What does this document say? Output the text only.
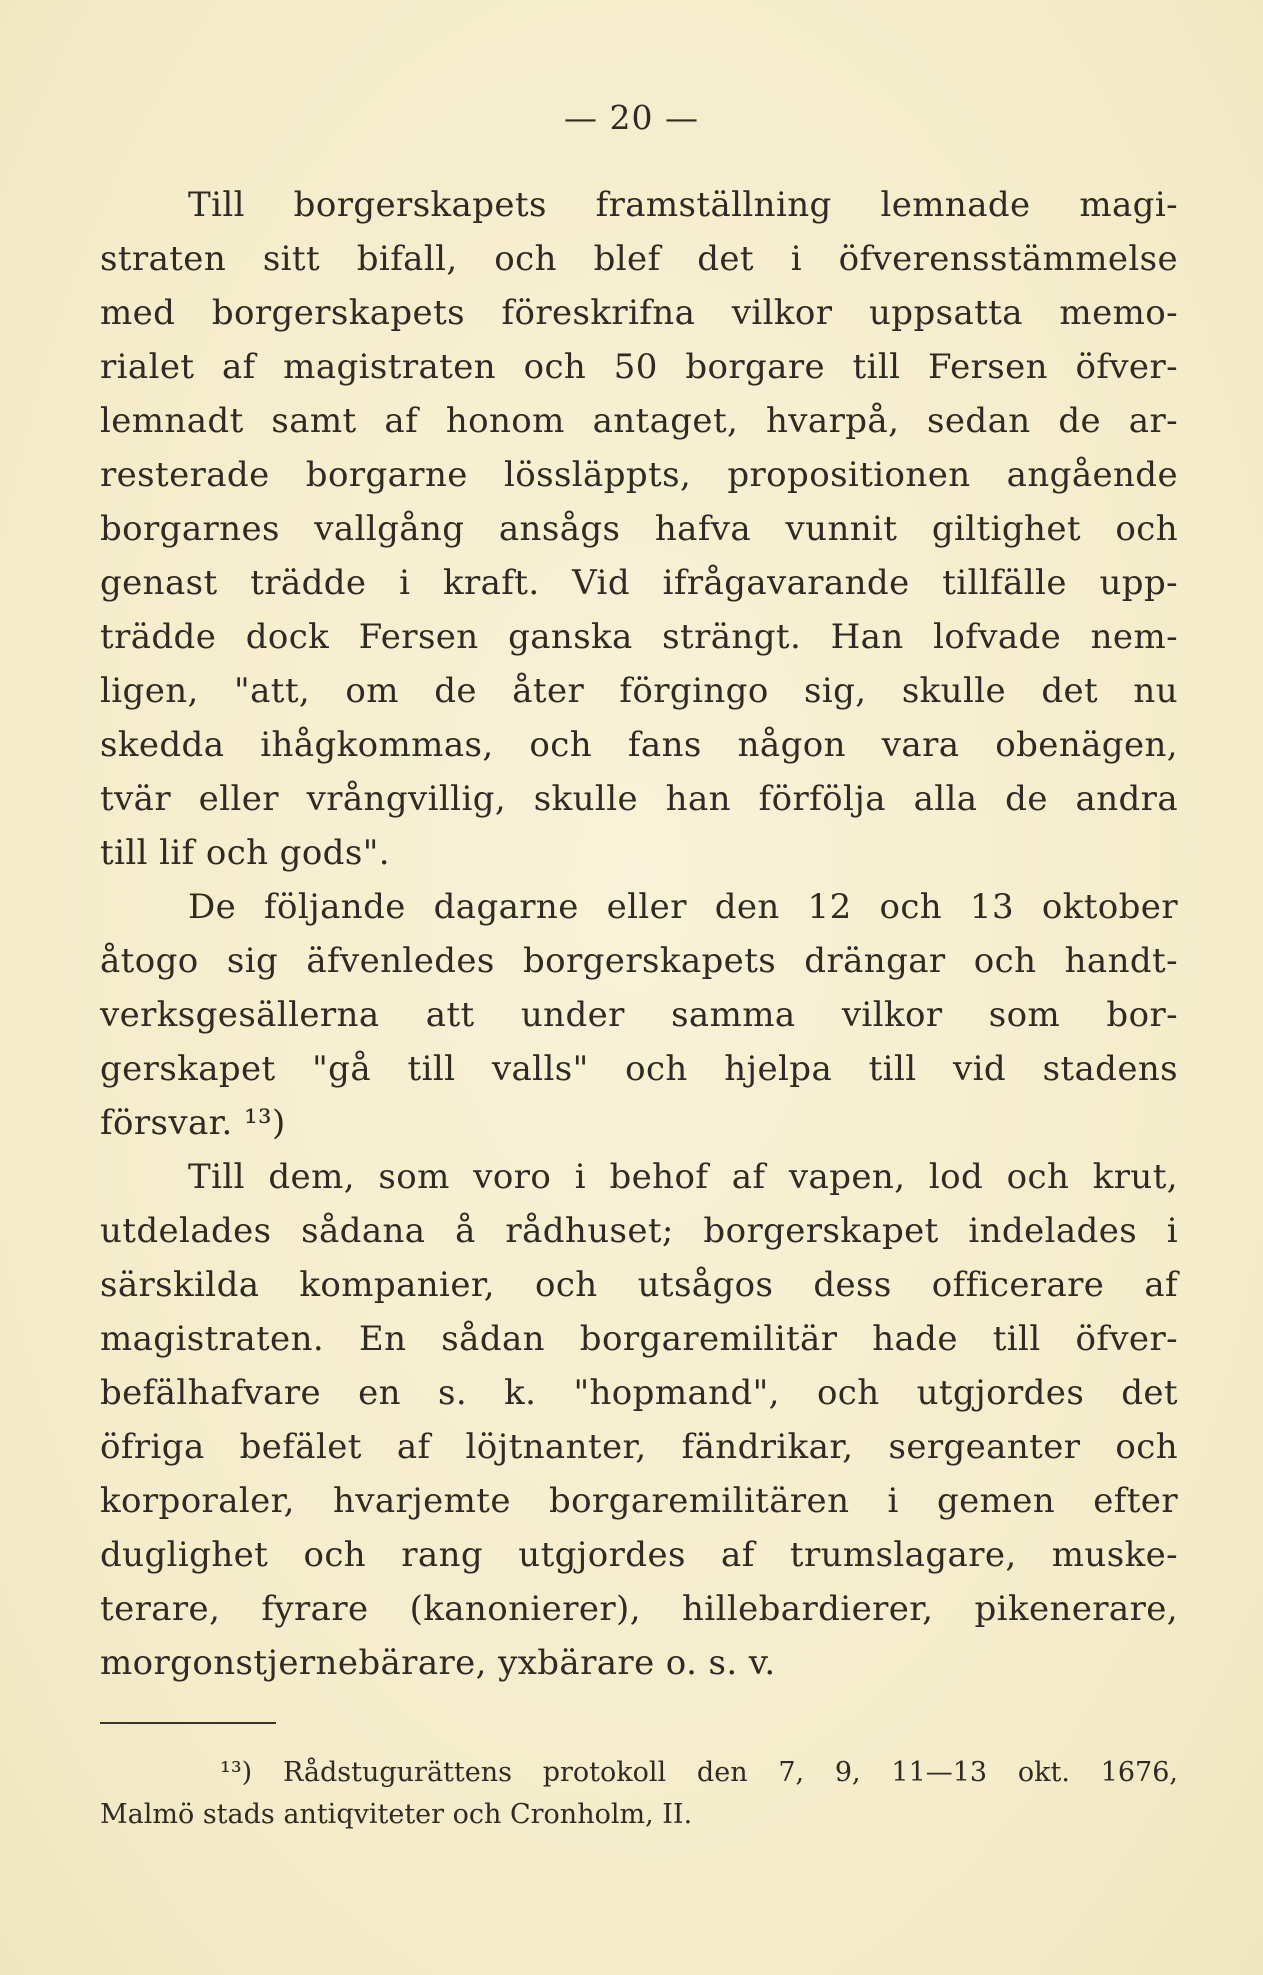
— 20 —
Till borgerskapets framställning lemnade magi-
straten sitt bifall, och blef det i öfverensstämmelse
med borgerskapets föreskrifna vilkor uppsatta memo-
rialet af magistraten och 50 borgare till Fersen öfver-
lemnadt samt af honom antaget, hvarpå, sedan de ar-
resterade borgarne lössläppts, propositionen angående
borgarnes vallgång ansågs hafva vunnit giltighet och
genast trädde i kraft. Vid ifrågavarande tillfälle upp-
trädde dock Fersen ganska strängt. Han lofvade nem-
ligen, "att, om de åter förgingo sig, skulle det nu
skedda ihågkommas, och fans någon vara obenägen,
tvär eller vrångvillig, skulle han förfölja alla de andra
till lif och gods".
De följande dagarne eller den 12 och 13 oktober
åtogo sig äfvenledes borgerskapets drängar och handt-
verksgesällerna att under samma vilkor som bor-
gerskapet "gå till valls" och hjelpa till vid stadens
försvar. ¹³)
Till dem, som voro i behof af vapen, lod och krut,
utdelades sådana å rådhuset; borgerskapet indelades i
särskilda kompanier, och utsågos dess officerare af
magistraten. En sådan borgaremilitär hade till öfver-
befälhafvare en s. k. "hopmand", och utgjordes det
öfriga befälet af löjtnanter, fändrikar, sergeanter och
korporaler, hvarjemte borgaremilitären i gemen efter
duglighet och rang utgjordes af trumslagare, muske-
terare, fyrare (kanonierer), hillebardierer, pikenerare,
morgonstjernebärare, yxbärare o. s. v.
¹³) Rådstugurättens protokoll den 7, 9, 11—13 okt. 1676,
Malmö stads antiqviteter och Cronholm, II.
